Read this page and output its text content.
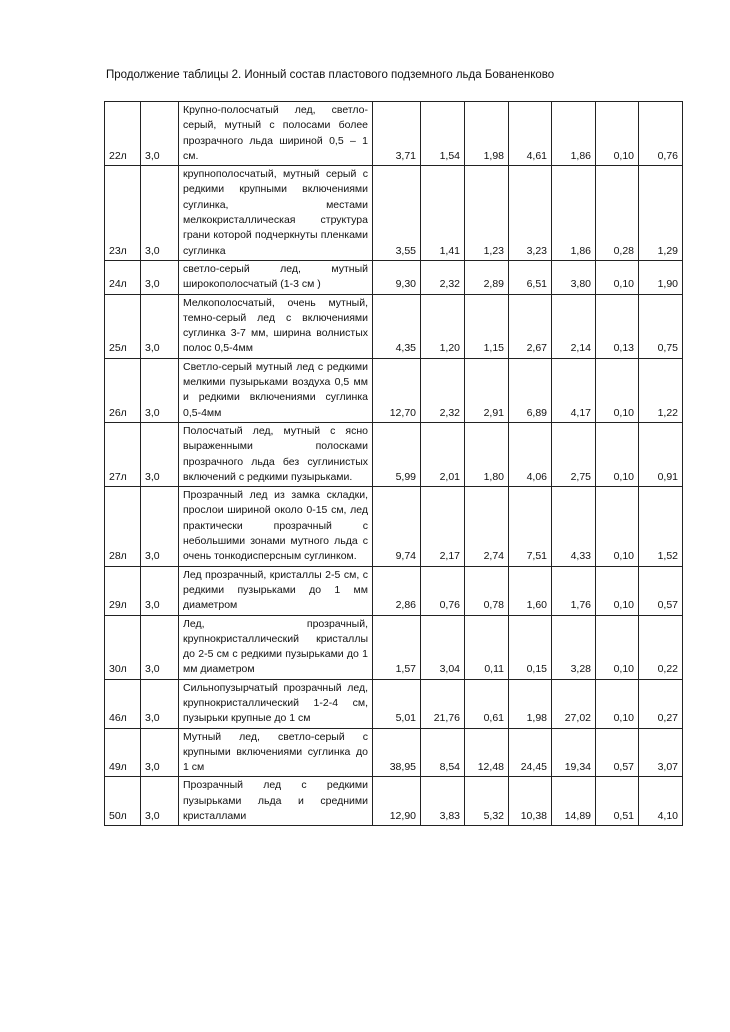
Продолжение таблицы 2. Ионный состав пластового подземного льда Бованенково
22л	3,0	Крупно-полосчатый лед, светло-серый, мутный с полосами более прозрачного льда шириной 0,5 – 1 см.	3,71	1,54	1,98	4,61	1,86	0,10	0,76
23л	3,0	крупнополосчатый, мутный серый с редкими крупными включениями суглинка, местами мелкокристаллическая структура грани которой подчеркнуты пленками суглинка	3,55	1,41	1,23	3,23	1,86	0,28	1,29
24л	3,0	светло-серый лед, мутный широкополосчатый (1-3 см )	9,30	2,32	2,89	6,51	3,80	0,10	1,90
25л	3,0	Мелкополосчатый, очень мутный, темно-серый лед с включениями суглинка 3-7 мм, ширина волнистых полос 0,5-4мм	4,35	1,20	1,15	2,67	2,14	0,13	0,75
26л	3,0	Светло-серый мутный лед с редкими мелкими пузырьками воздуха 0,5 мм и редкими включениями суглинка 0,5-4мм	12,70	2,32	2,91	6,89	4,17	0,10	1,22
27л	3,0	Полосчатый лед, мутный с ясно выраженными полосками прозрачного льда без суглинистых включений с редкими пузырьками.	5,99	2,01	1,80	4,06	2,75	0,10	0,91
28л	3,0	Прозрачный лед из замка складки, прослои шириной около 0-15 см, лед практически прозрачный с небольшими зонами мутного льда с очень тонкодисперсным суглинком.	9,74	2,17	2,74	7,51	4,33	0,10	1,52
29л	3,0	Лед прозрачный, кристаллы 2-5 см, с редкими пузырьками до 1 мм диаметром	2,86	0,76	0,78	1,60	1,76	0,10	0,57
30л	3,0	Лед, прозрачный, крупнокристаллический кристаллы до 2-5 см с редкими пузырьками до 1 мм диаметром	1,57	3,04	0,11	0,15	3,28	0,10	0,22
46л	3,0	Сильнопузырчатый прозрачный лед, крупнокристаллический 1-2-4 см, пузырьки крупные до 1 см	5,01	21,76	0,61	1,98	27,02	0,10	0,27
49л	3,0	Мутный лед, светло-серый с крупными включениями суглинка до 1 см	38,95	8,54	12,48	24,45	19,34	0,57	3,07
50л	3,0	Прозрачный лед с редкими пузырьками льда и средними кристаллами	12,90	3,83	5,32	10,38	14,89	0,51	4,10
